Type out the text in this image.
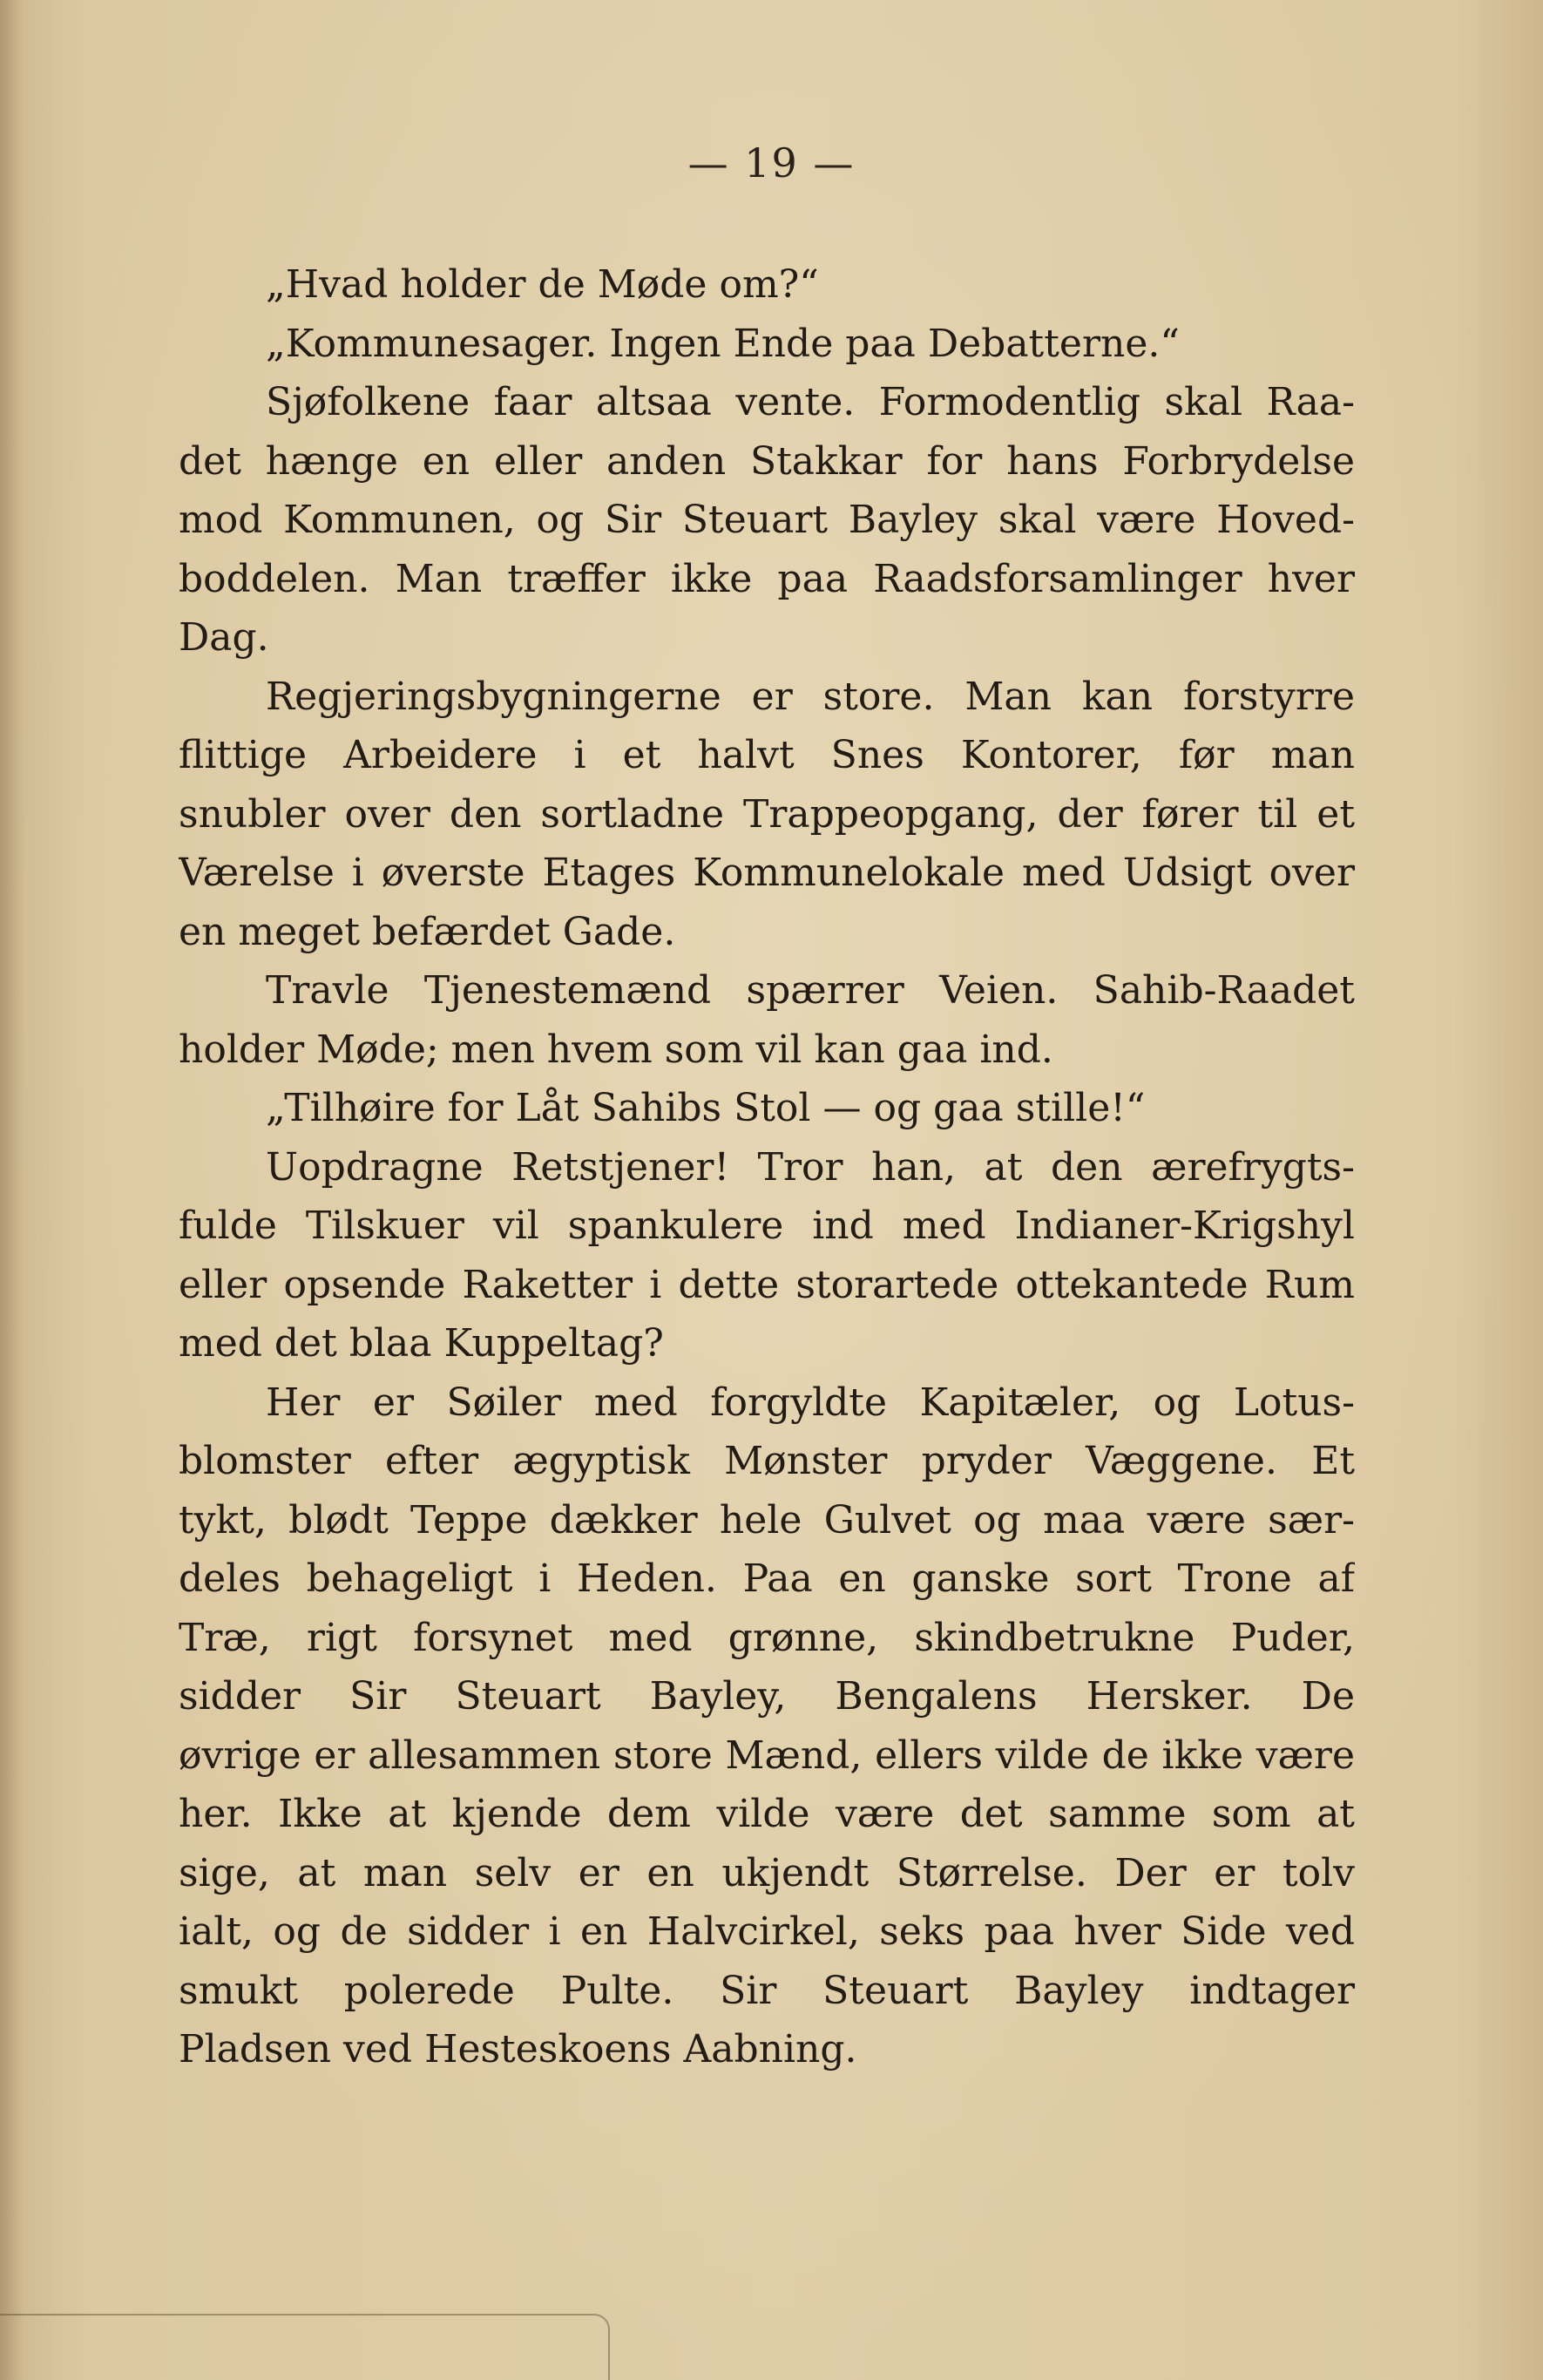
— 19 —
„Hvad holder de Møde om?“
„Kommunesager. Ingen Ende paa Debatterne.“
Sjøfolkene faar altsaa vente. Formodentlig skal Raa-
det hænge en eller anden Stakkar for hans Forbrydelse
mod Kommunen, og Sir Steuart Bayley skal være Hoved-
boddelen. Man træffer ikke paa Raadsforsamlinger hver
Dag.
Regjeringsbygningerne er store. Man kan forstyrre
flittige Arbeidere i et halvt Snes Kontorer, før man
snubler over den sortladne Trappeopgang, der fører til et
Værelse i øverste Etages Kommunelokale med Udsigt over
en meget befærdet Gade.
Travle Tjenestemænd spærrer Veien. Sahib-Raadet
holder Møde; men hvem som vil kan gaa ind.
„Tilhøire for Låt Sahibs Stol — og gaa stille!“
Uopdragne Retstjener! Tror han, at den ærefrygts-
fulde Tilskuer vil spankulere ind med Indianer-Krigshyl
eller opsende Raketter i dette storartede ottekantede Rum
med det blaa Kuppeltag?
Her er Søiler med forgyldte Kapitæler, og Lotus-
blomster efter ægyptisk Mønster pryder Væggene. Et
tykt, blødt Teppe dækker hele Gulvet og maa være sær-
deles behageligt i Heden. Paa en ganske sort Trone af
Træ, rigt forsynet med grønne, skindbetrukne Puder,
sidder Sir Steuart Bayley, Bengalens Hersker. De
øvrige er allesammen store Mænd, ellers vilde de ikke være
her. Ikke at kjende dem vilde være det samme som at
sige, at man selv er en ukjendt Størrelse. Der er tolv
ialt, og de sidder i en Halvcirkel, seks paa hver Side ved
smukt polerede Pulte. Sir Steuart Bayley indtager
Pladsen ved Hesteskoens Aabning.
